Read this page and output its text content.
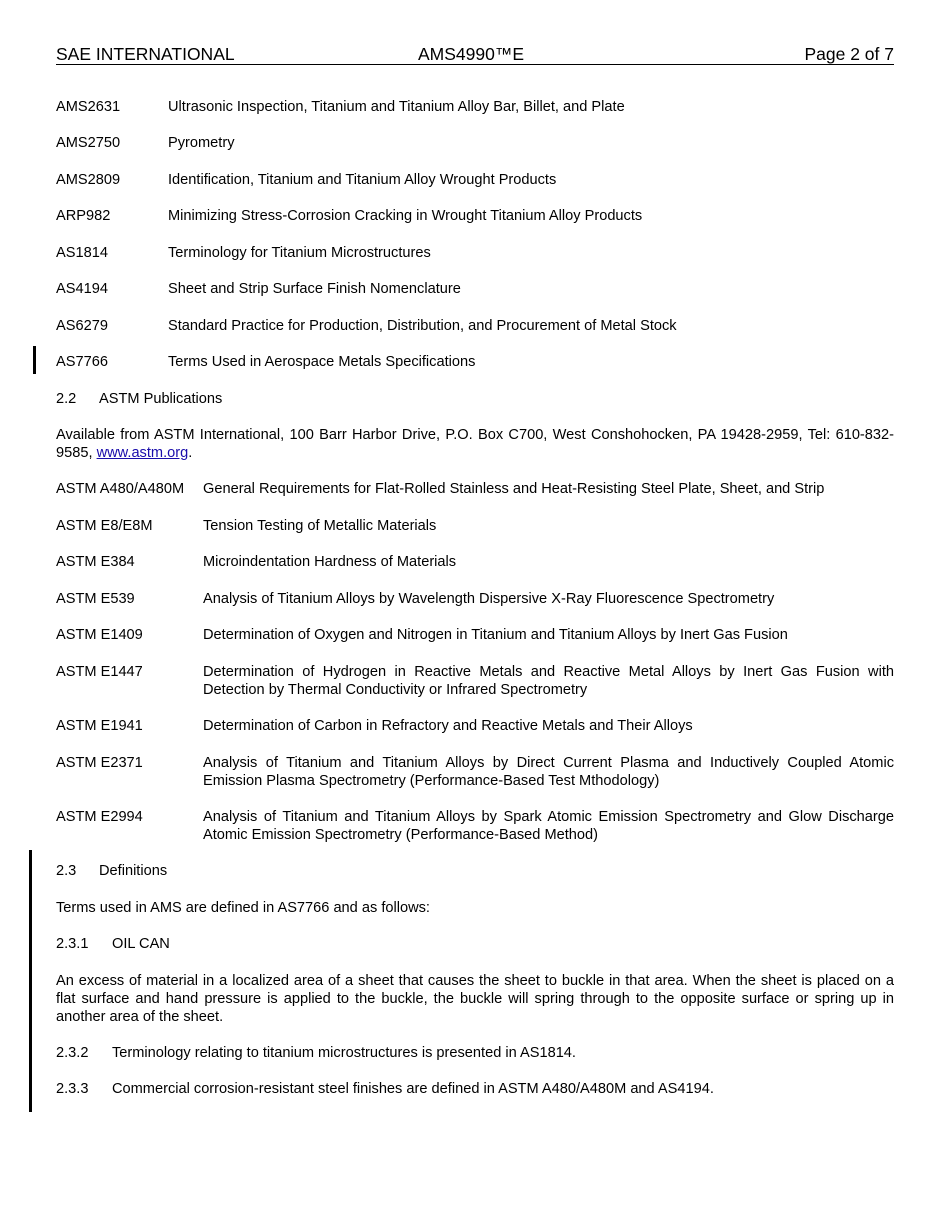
SAE INTERNATIONAL	AMS4990™E	Page 2 of 7
AMS2631	Ultrasonic Inspection, Titanium and Titanium Alloy Bar, Billet, and Plate
AMS2750	Pyrometry
AMS2809	Identification, Titanium and Titanium Alloy Wrought Products
ARP982	Minimizing Stress-Corrosion Cracking in Wrought Titanium Alloy Products
AS1814	Terminology for Titanium Microstructures
AS4194	Sheet and Strip Surface Finish Nomenclature
AS6279	Standard Practice for Production, Distribution, and Procurement of Metal Stock
AS7766	Terms Used in Aerospace Metals Specifications
2.2 ASTM Publications
Available from ASTM International, 100 Barr Harbor Drive, P.O. Box C700, West Conshohocken, PA 19428-2959, Tel: 610-832-9585, www.astm.org.
ASTM A480/A480M General Requirements for Flat-Rolled Stainless and Heat-Resisting Steel Plate, Sheet, and Strip
ASTM E8/E8M	Tension Testing of Metallic Materials
ASTM E384	Microindentation Hardness of Materials
ASTM E539	Analysis of Titanium Alloys by Wavelength Dispersive X-Ray Fluorescence Spectrometry
ASTM E1409	Determination of Oxygen and Nitrogen in Titanium and Titanium Alloys by Inert Gas Fusion
ASTM E1447	Determination of Hydrogen in Reactive Metals and Reactive Metal Alloys by Inert Gas Fusion with Detection by Thermal Conductivity or Infrared Spectrometry
ASTM E1941	Determination of Carbon in Refractory and Reactive Metals and Their Alloys
ASTM E2371	Analysis of Titanium and Titanium Alloys by Direct Current Plasma and Inductively Coupled Atomic Emission Plasma Spectrometry (Performance-Based Test Mthodology)
ASTM E2994	Analysis of Titanium and Titanium Alloys by Spark Atomic Emission Spectrometry and Glow Discharge Atomic Emission Spectrometry (Performance-Based Method)
2.3 Definitions
Terms used in AMS are defined in AS7766 and as follows:
2.3.1 OIL CAN
An excess of material in a localized area of a sheet that causes the sheet to buckle in that area. When the sheet is placed on a flat surface and hand pressure is applied to the buckle, the buckle will spring through to the opposite surface or spring up in another area of the sheet.
2.3.2 Terminology relating to titanium microstructures is presented in AS1814.
2.3.3 Commercial corrosion-resistant steel finishes are defined in ASTM A480/A480M and AS4194.
